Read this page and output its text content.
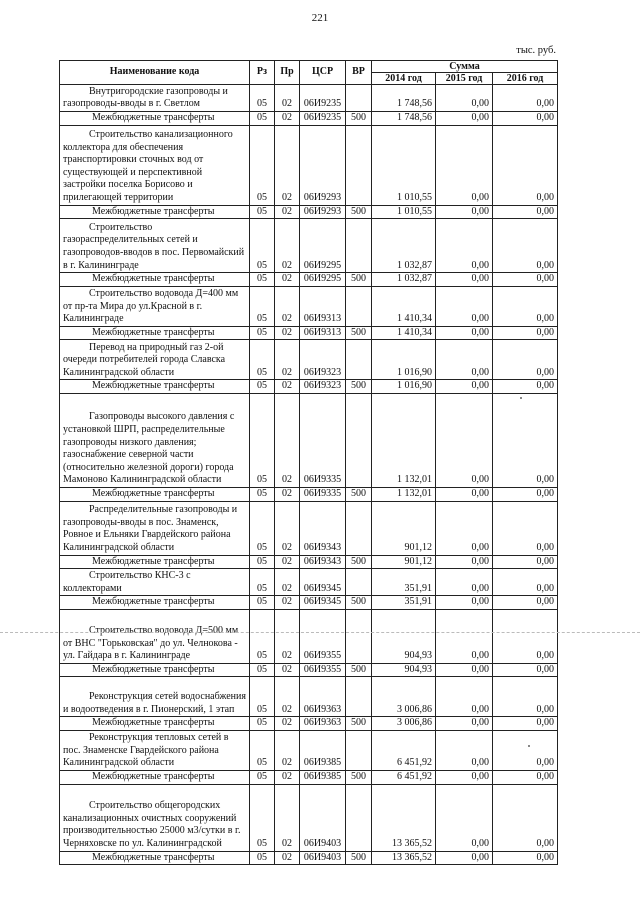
221
тыс. руб.
Наименование кода	Рз	Пр	ЦСР	ВР	Сумма		
					2014 год	2015 год	2016 год

Внутригородские газопроводы и газопроводы-вводы в г. Светлом	05	02	06И9235		1 748,56	0,00	0,00
Межбюджетные трансферты	05	02	06И9235	500	1 748,56	0,00	0,00

Строительство канализационного коллектора для обеспечения транспортировки сточных вод от существующей и перспективной застройки поселка Борисово и прилегающей территории	05	02	06И9293		1 010,55	0,00	0,00
Межбюджетные трансферты	05	02	06И9293	500	1 010,55	0,00	0,00

Строительство газораспределительных сетей и газопроводов-вводов в пос. Первомайский в г. Калининграде	05	02	06И9295		1 032,87	0,00	0,00
Межбюджетные трансферты	05	02	06И9295	500	1 032,87	0,00	0,00

Строительство водовода Д=400 мм от пр-та Мира до ул.Красной в г. Калининграде	05	02	06И9313		1 410,34	0,00	0,00
Межбюджетные трансферты	05	02	06И9313	500	1 410,34	0,00	0,00

Перевод на природный газ 2-ой очереди потребителей города Славска Калининградской области	05	02	06И9323		1 016,90	0,00	0,00
Межбюджетные трансферты	05	02	06И9323	500	1 016,90	0,00	0,00

Газопроводы высокого давления с установкой ШРП, распределительные газопроводы низкого давления; газоснабжение северной части (относительно железной дороги) города Мамоново Калининградской области	05	02	06И9335		1 132,01	0,00	0,00
Межбюджетные трансферты	05	02	06И9335	500	1 132,01	0,00	0,00

Распределительные газопроводы и газопроводы-вводы в пос. Знаменск, Ровное и Ельняки Гвардейского района Калининградской области	05	02	06И9343		901,12	0,00	0,00
Межбюджетные трансферты	05	02	06И9343	500	901,12	0,00	0,00

Строительство КНС-3 с коллекторами	05	02	06И9345		351,91	0,00	0,00
Межбюджетные трансферты	05	02	06И9345	500	351,91	0,00	0,00

Строительство водовода Д=500 мм от ВНС "Горьковская" до ул. Челнокова - ул. Гайдара в г. Калининграде	05	02	06И9355		904,93	0,00	0,00
Межбюджетные трансферты	05	02	06И9355	500	904,93	0,00	0,00

Реконструкция сетей водоснабжения и водоотведения в г. Пионерский, 1 этап	05	02	06И9363		3 006,86	0,00	0,00
Межбюджетные трансферты	05	02	06И9363	500	3 006,86	0,00	0,00

Реконструкция тепловых сетей в пос. Знаменске Гвардейского района Калининградской области	05	02	06И9385		6 451,92	0,00	0,00
Межбюджетные трансферты	05	02	06И9385	500	6 451,92	0,00	0,00

Строительство общегородских канализационных очистных сооружений производительностью 25000 м3/сутки в г. Черняховске по ул. Калининградской	05	02	06И9403		13 365,52	0,00	0,00
Межбюджетные трансферты	05	02	06И9403	500	13 365,52	0,00	0,00
